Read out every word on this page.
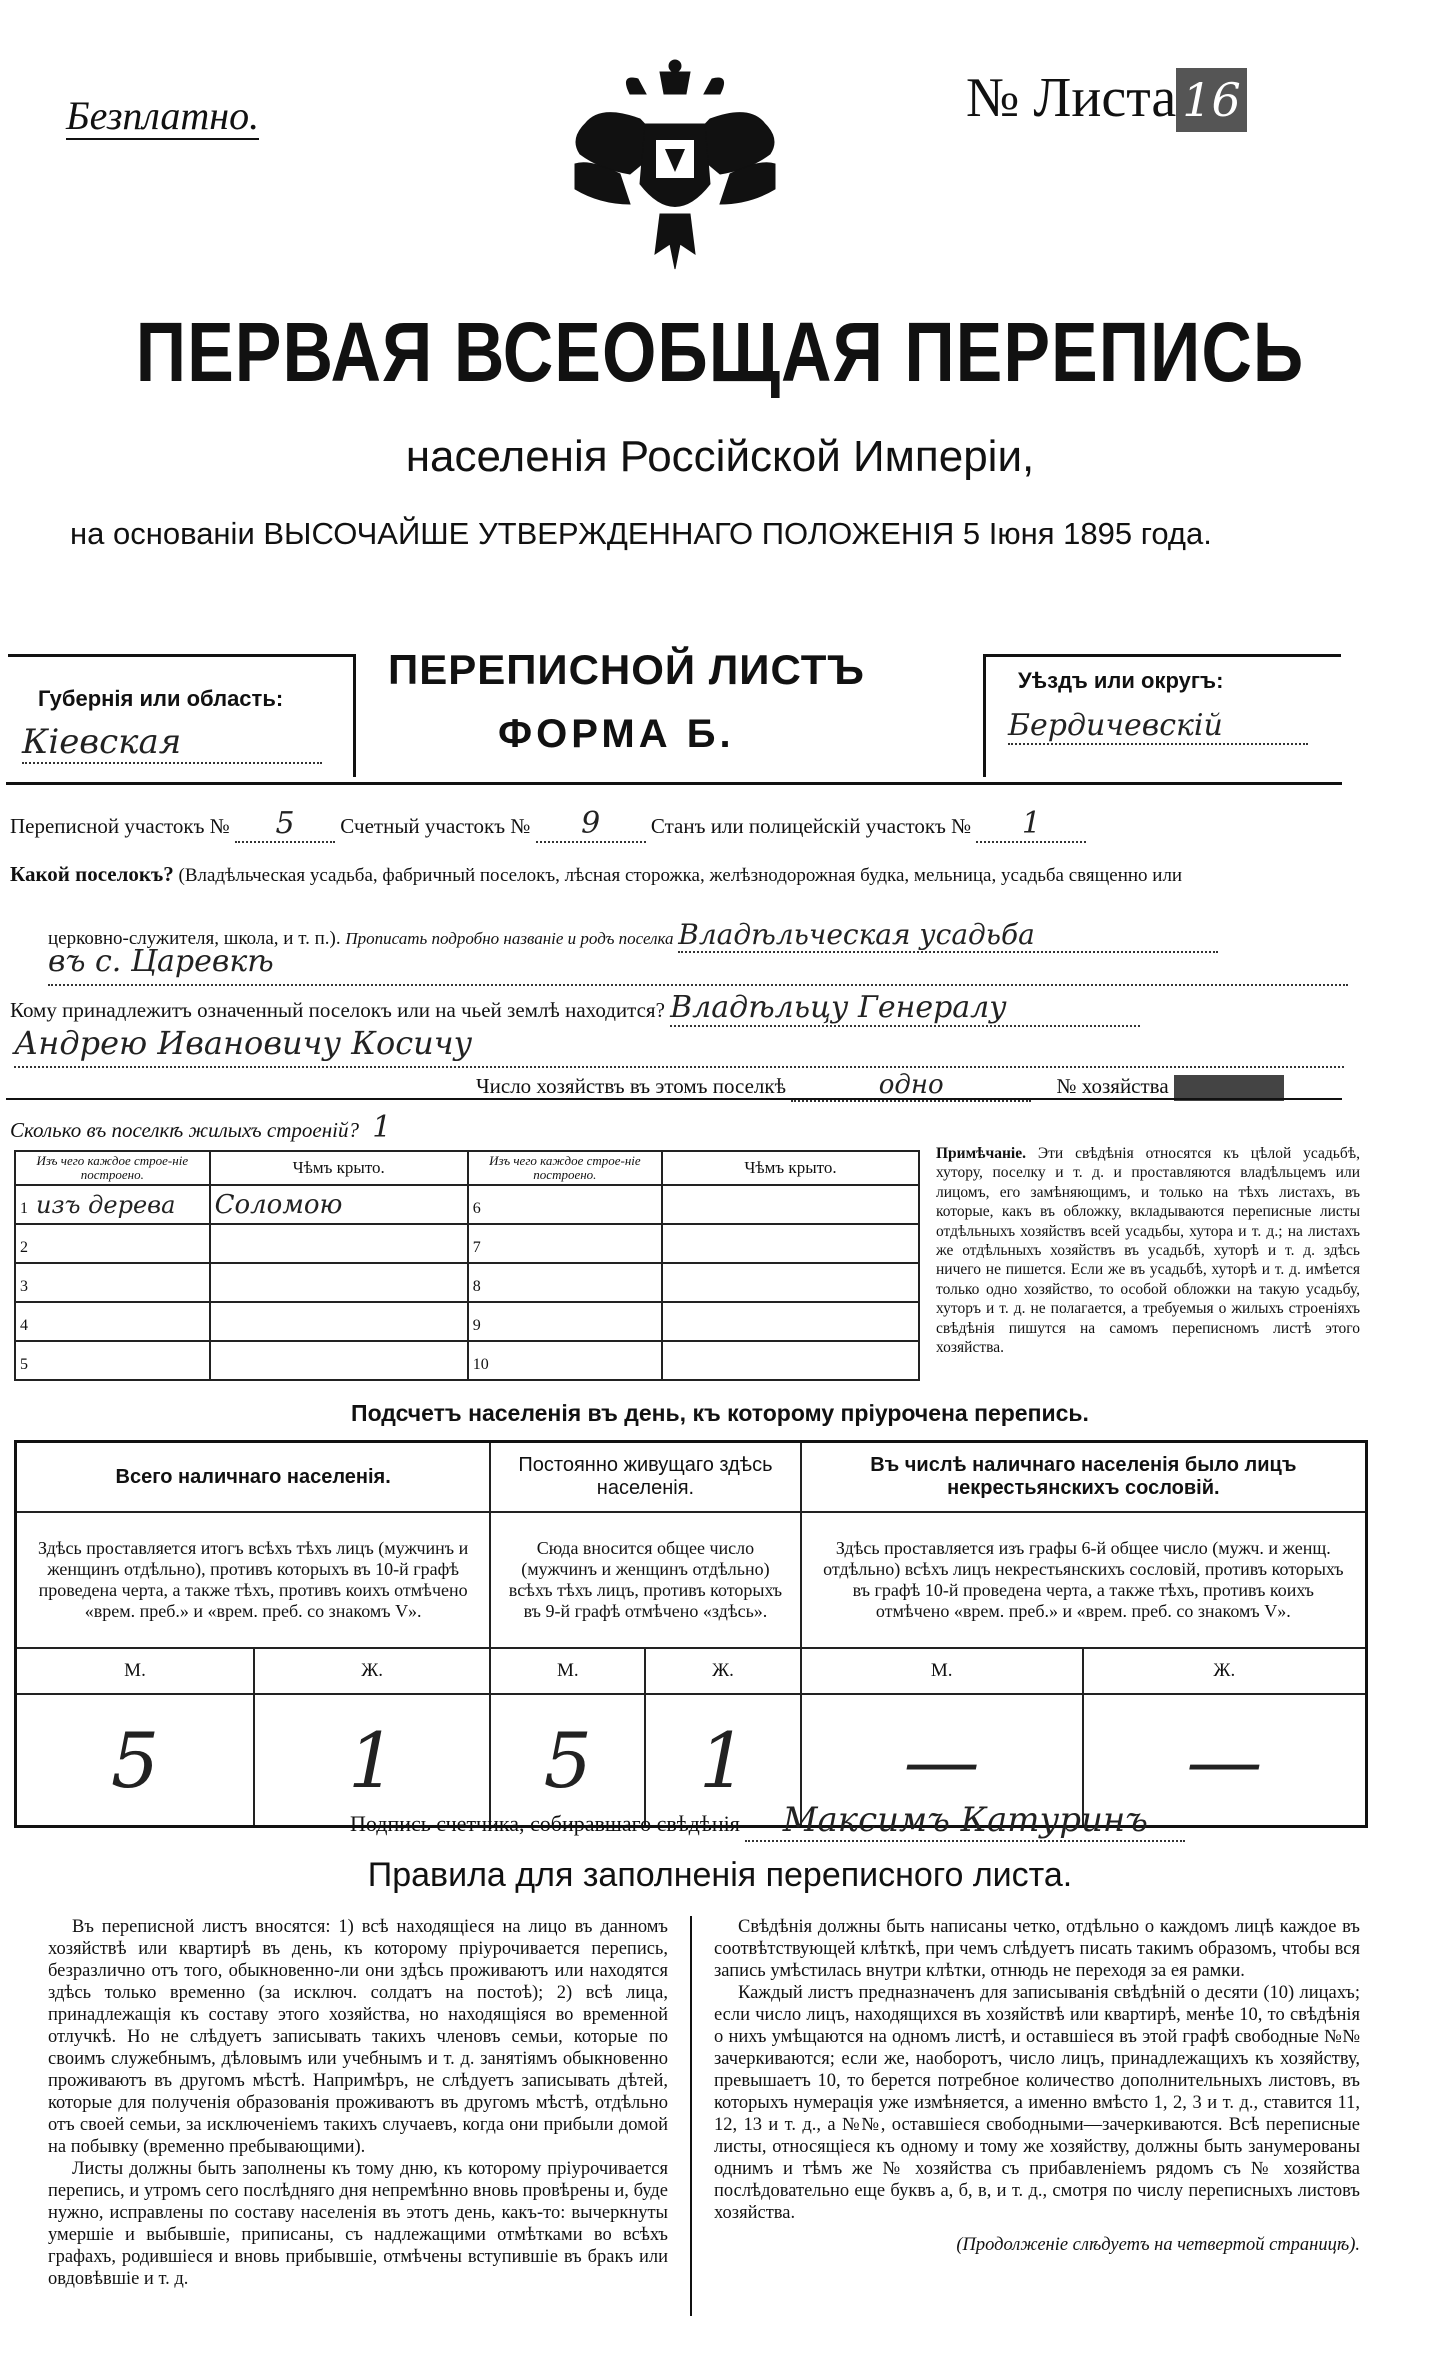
Безплатно.	№ Листа 16
ПЕРВАЯ ВСЕОБЩАЯ ПЕРЕПИСЬ
населенія Россійской Имперіи,
на основаніи ВЫСОЧАЙШЕ УТВЕРЖДЕННАГО ПОЛОЖЕНІЯ 5 Іюня 1895 года.
Губернія или область:
Кіевская
ПЕРЕПИСНОЙ ЛИСТЪ
ФОРМА Б.
Уѣздъ или округъ:
Бердичевскій
Переписной участокъ № 5 Счетный участокъ № 9 Станъ или полицейскій участокъ № 1
Какой поселокъ? (Владѣльческая усадьба, фабричный поселокъ, лѣсная сторожка, желѣзнодорожная будка, мельница, усадьба священно или
церковно-служителя, школа, и т. п.). Прописать подробно названіе и родъ поселка Владѣльческая усадьба
въ с. Царевкѣ
Кому принадлежитъ означенный поселокъ или на чьей землѣ находится? Владѣльцу Генералу
Андрею Ивановичу Косичу
Число хозяйствъ въ этомъ поселкѣ	одно	№ хозяйства
Сколько въ поселкѣ жилыхъ строеній? 1
Изъ чего каждое строе-ніе построено.	Чѣмъ крыто.	Изъ чего каждое строе-ніе построено.	Чѣмъ крыто.
1 изъ дерева	Соломою	6	
2		7	
3		8	
4		9	
5		10	
Примѣчаніе. Эти свѣдѣнія относятся къ цѣлой усадьбѣ, хутору, поселку и т. д. и проставляются владѣльцемъ или лицомъ, его замѣняющимъ, и только на тѣхъ листахъ, въ которые, какъ въ обложку, вкладываются переписные листы отдѣльныхъ хозяйствъ всей усадьбы, хутора и т. д.; на листахъ же отдѣльныхъ хозяйствъ въ усадьбѣ, хуторѣ и т. д. здѣсь ничего не пишется. Если же въ усадьбѣ, хуторѣ и т. д. имѣется только одно хозяйство, то особой обложки на такую усадьбу, хуторъ и т. д. не полагается, а требуемыя о жилыхъ строеніяхъ свѣдѣнія пишутся на самомъ переписномъ листѣ этого хозяйства.
Подсчетъ населенія въ день, къ которому пріурочена перепись.
Всего наличнаго населенія.		Постоянно живущаго здѣсь населенія.		Въ числѣ наличнаго населенія было лицъ некрестьянскихъ сословій.	
Здѣсь проставляется итогъ всѣхъ тѣхъ лицъ (мужчинъ и женщинъ отдѣльно), противъ которыхъ въ 10-й графѣ проведена черта, а также тѣхъ, противъ коихъ отмѣчено «врем. преб.» и «врем. преб. со знакомъ V».		Сюда вносится общее число (мужчинъ и женщинъ отдѣльно) всѣхъ тѣхъ лицъ, противъ которыхъ въ 9-й графѣ отмѣчено «здѣсь».		Здѣсь проставляется изъ графы 6-й общее число (мужч. и женщ. отдѣльно) всѣхъ лицъ некрестьянскихъ сословій, противъ которыхъ въ графѣ 10-й проведена черта, а также тѣхъ, противъ коихъ отмѣчено «врем. преб.» и «врем. преб. со знакомъ V».	
М.	Ж.	М.	Ж.	М.	Ж.
5	1	5	1	—	—
Подпись счетчика, собиравшаго свѣдѣнія Максимъ Катуринъ
Правила для заполненія переписного листа.

Въ переписной листъ вносятся: 1) всѣ находящіеся на лицо въ данномъ хозяйствѣ или квартирѣ въ день, къ которому пріурочивается перепись, безразлично отъ того, обыкновенно-ли они здѣсь проживаютъ или находятся здѣсь только временно (за исключ. солдатъ на постоѣ); 2) всѣ лица, принадлежащія къ составу этого хозяйства, но находящіяся во временной отлучкѣ. Но не слѣдуетъ записывать такихъ членовъ семьи, которые по своимъ служебнымъ, дѣловымъ или учебнымъ и т. д. занятіямъ обыкновенно проживаютъ въ другомъ мѣстѣ. Напримѣръ, не слѣдуетъ записывать дѣтей, которые для полученія образованія проживаютъ въ другомъ мѣстѣ, отдѣльно отъ своей семьи, за исключеніемъ такихъ случаевъ, когда они прибыли домой на побывку (временно пребывающими).

Листы должны быть заполнены къ тому дню, къ которому пріурочивается перепись, и утромъ сего послѣдняго дня непремѣнно вновь провѣрены и, буде нужно, исправлены по составу населенія въ этотъ день, какъ-то: вычеркнуты умершіе и выбывшіе, приписаны, съ надлежащими отмѣтками во всѣхъ графахъ, родившіеся и вновь прибывшіе, отмѣчены вступившіе въ бракъ или овдовѣвшіе и т. д.

Свѣдѣнія должны быть написаны четко, отдѣльно о каждомъ лицѣ каждое въ соотвѣтствующей клѣткѣ, при чемъ слѣдуетъ писать такимъ образомъ, чтобы вся запись умѣстилась внутри клѣтки, отнюдь не переходя за ея рамки.

Каждый листъ предназначенъ для записыванія свѣдѣній о десяти (10) лицахъ; если число лицъ, находящихся въ хозяйствѣ или квартирѣ, менѣе 10, то свѣдѣнія о нихъ умѣщаются на одномъ листѣ, и оставшіеся въ этой графѣ свободные №№ зачеркиваются; если же, наоборотъ, число лицъ, принадлежащихъ къ хозяйству, превышаетъ 10, то берется потребное количество дополнительныхъ листовъ, въ которыхъ нумерація уже измѣняется, а именно вмѣсто 1, 2, 3 и т. д., ставится 11, 12, 13 и т. д., а №№, оставшіеся свободными—зачеркиваются. Всѣ переписные листы, относящіеся къ одному и тому же хозяйству, должны быть занумерованы однимъ и тѣмъ же № хозяйства съ прибавленіемъ рядомъ съ № хозяйства послѣдовательно еще буквъ а, б, в, и т. д., смотря по числу переписныхъ листовъ хозяйства.

(Продолженіе слѣдуетъ на четвертой страницѣ).
